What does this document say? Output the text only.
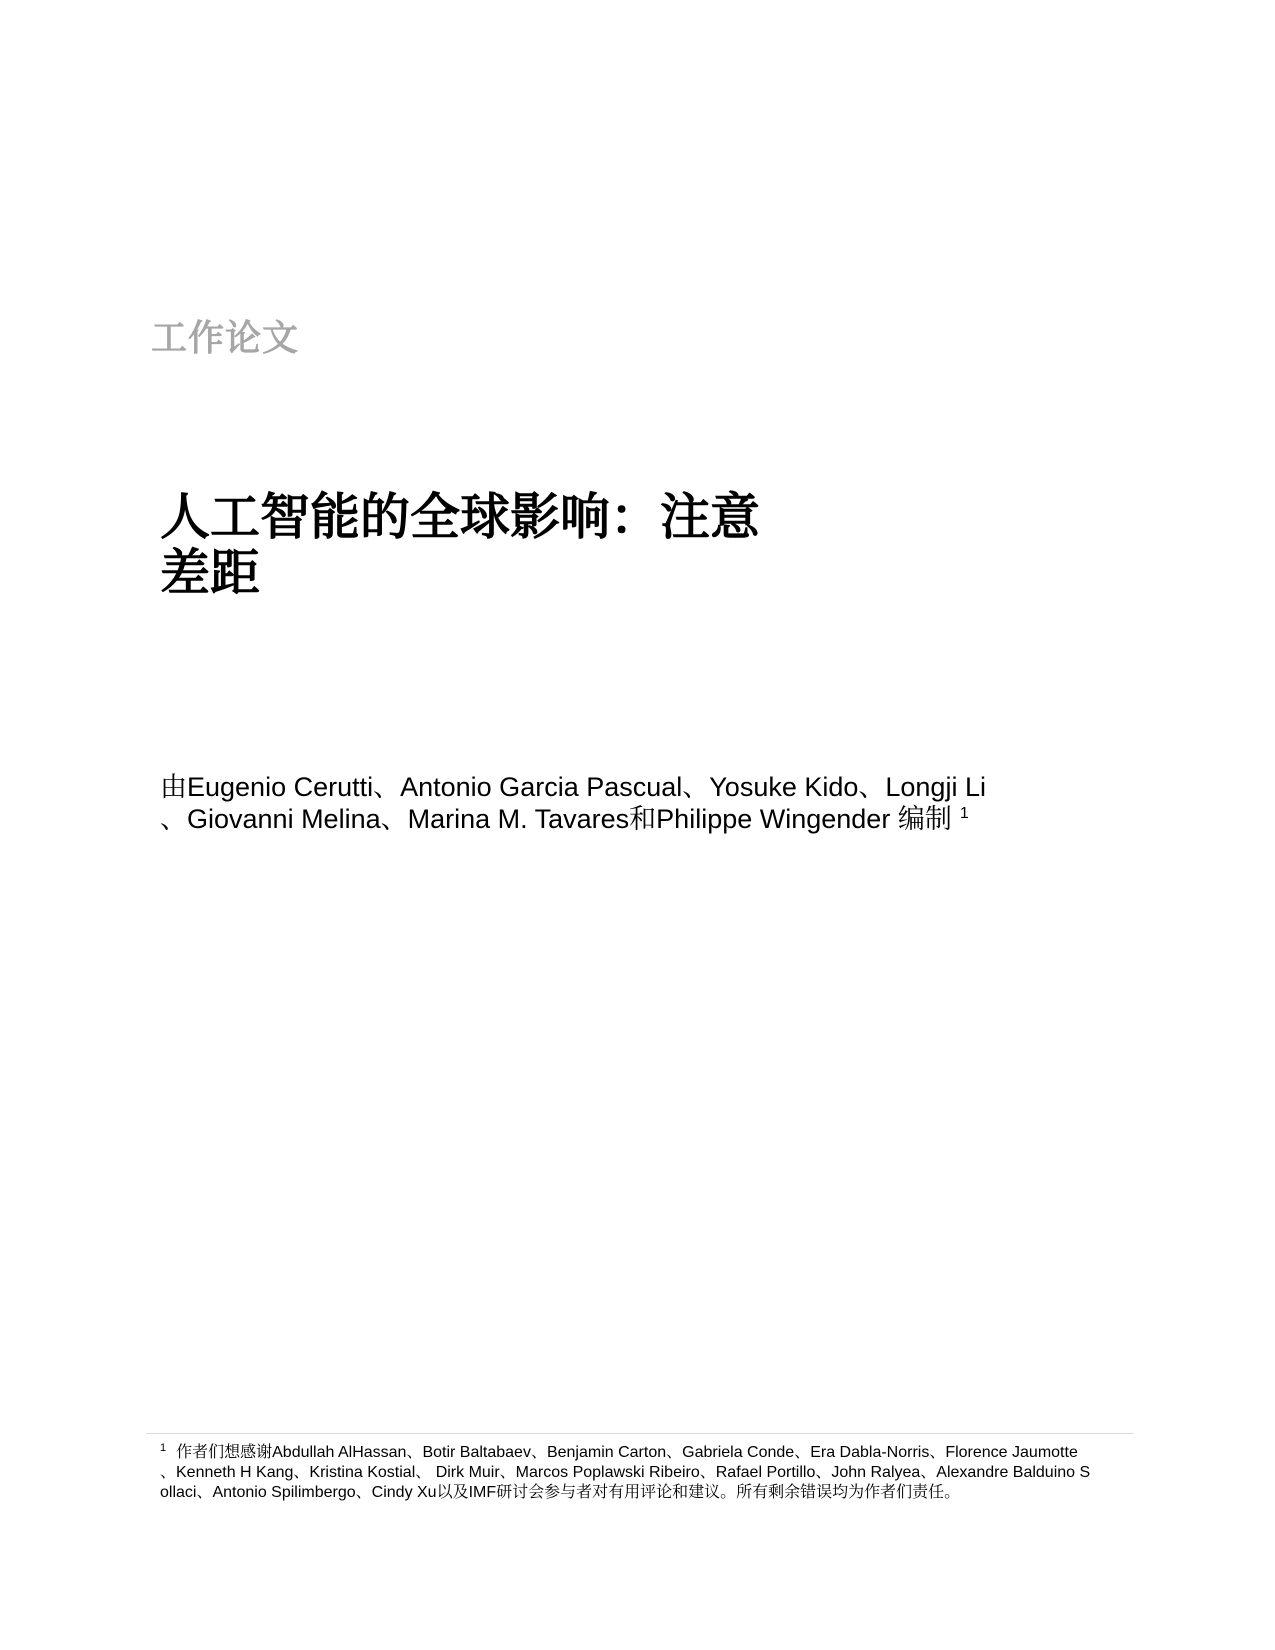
工作论文
人工智能的全球影响：注意
差距
由Eugenio Cerutti、Antonio Garcia Pascual、Yosuke Kido、Longji Li
、Giovanni Melina、Marina M. Tavares和Philippe Wingender 编制 $^1$
$^1$ 作者们想感谢Abdullah AlHassan、Botir Baltabaev、Benjamin Carton、Gabriela Conde、Era Dabla-Norris、Florence Jaumotte
、Kenneth H Kang、Kristina Kostial、 Dirk Muir、Marcos Poplawski Ribeiro、Rafael Portillo、John Ralyea、Alexandre Balduino S
ollaci、Antonio Spilimbergo、Cindy Xu以及IMF研讨会参与者对有用评论和建议。所有剩余错误均为作者们责任。
